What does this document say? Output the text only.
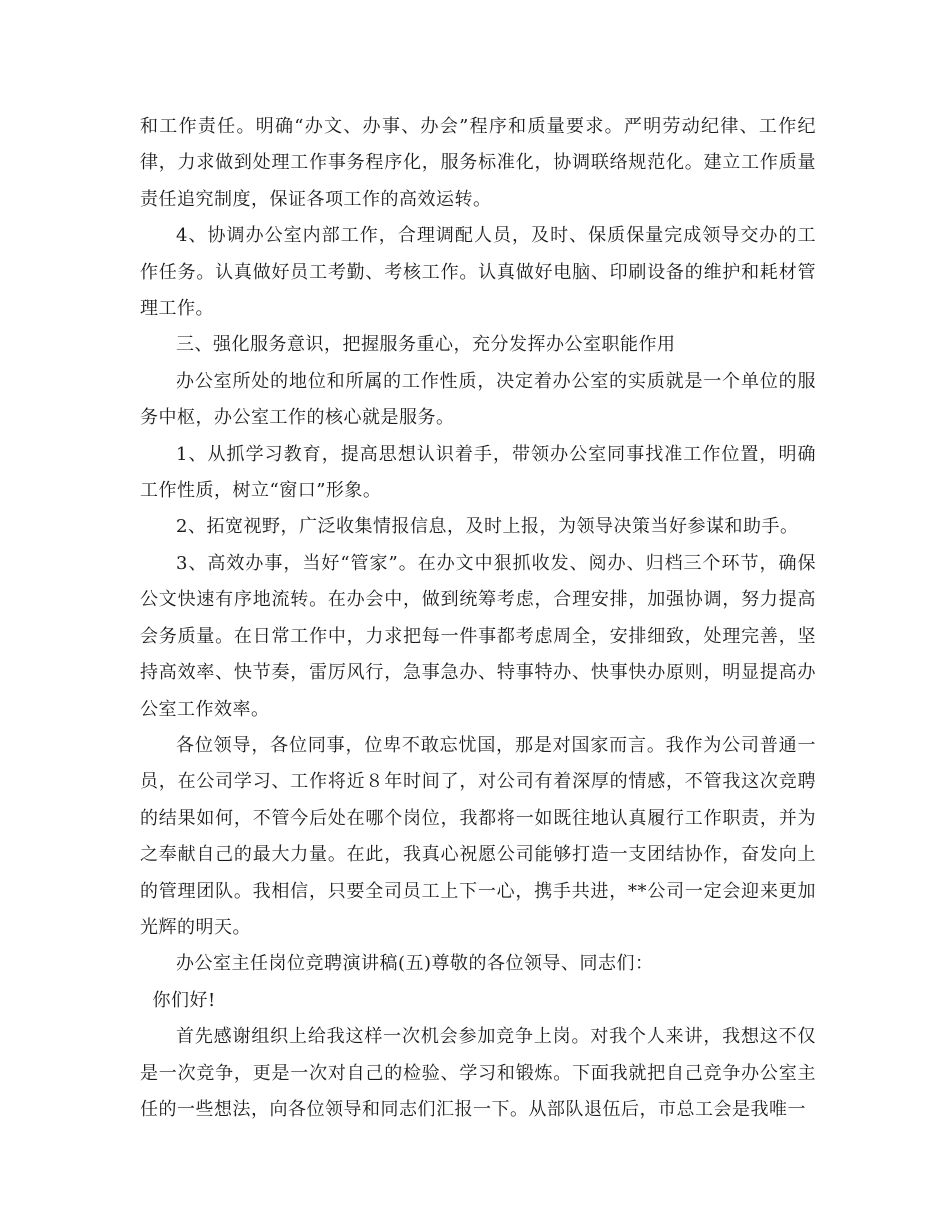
和工作责任。明确“办文、办事、办会”程序和质量要求。严明劳动纪律、工作纪律，力求做到处理工作事务程序化，服务标准化，协调联络规范化。建立工作质量责任追究制度，保证各项工作的高效运转。

4、协调办公室内部工作，合理调配人员，及时、保质保量完成领导交办的工作任务。认真做好员工考勤、考核工作。认真做好电脑、印刷设备的维护和耗材管理工作。

三、强化服务意识，把握服务重心，充分发挥办公室职能作用

办公室所处的地位和所属的工作性质，决定着办公室的实质就是一个单位的服务中枢，办公室工作的核心就是服务。

1、从抓学习教育，提高思想认识着手，带领办公室同事找准工作位置，明确工作性质，树立“窗口”形象。

2、拓宽视野，广泛收集情报信息，及时上报，为领导决策当好参谋和助手。

3、高效办事，当好“管家”。在办文中狠抓收发、阅办、归档三个环节，确保公文快速有序地流转。在办会中，做到统筹考虑，合理安排，加强协调，努力提高会务质量。在日常工作中，力求把每一件事都考虑周全，安排细致，处理完善，坚持高效率、快节奏，雷厉风行，急事急办、特事特办、快事快办原则，明显提高办公室工作效率。

各位领导，各位同事，位卑不敢忘忧国，那是对国家而言。我作为公司普通一员，在公司学习、工作将近８年时间了，对公司有着深厚的情感，不管我这次竞聘的结果如何，不管今后处在哪个岗位，我都将一如既往地认真履行工作职责，并为之奉献自己的最大力量。在此，我真心祝愿公司能够打造一支团结协作，奋发向上的管理团队。我相信，只要全司员工上下一心，携手共进，**公司一定会迎来更加光辉的明天。

办公室主任岗位竞聘演讲稿(五)尊敬的各位领导、同志们：

你们好!

首先感谢组织上给我这样一次机会参加竞争上岗。对我个人来讲，我想这不仅是一次竞争，更是一次对自己的检验、学习和锻炼。下面我就把自己竞争办公室主任的一些想法，向各位领导和同志们汇报一下。从部队退伍后，市总工会是我唯一
